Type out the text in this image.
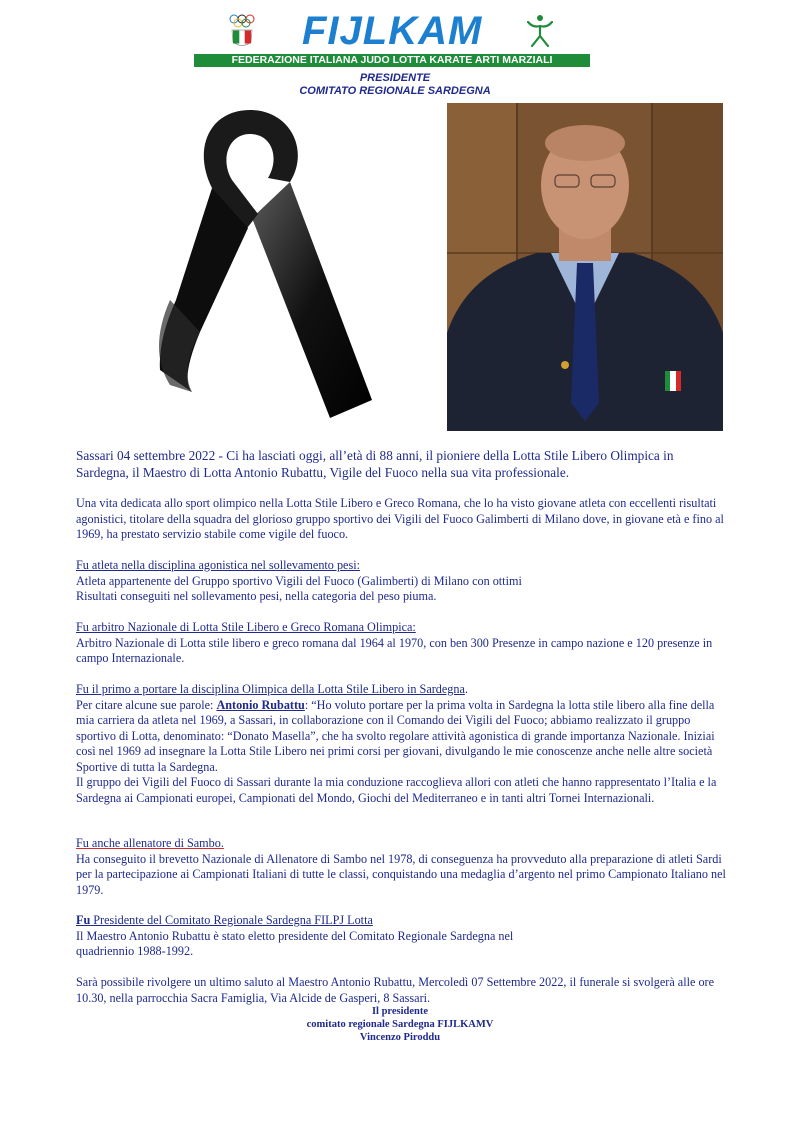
FIJLKAM
FEDERAZIONE ITALIANA JUDO LOTTA KARATE ARTI MARZIALI
PRESIDENTE
COMITATO REGIONALE SARDEGNA
Sassari 04 settembre 2022 - Ci ha lasciati oggi, all’età di 88 anni, il pioniere della Lotta Stile Libero Olimpica in Sardegna, il Maestro di Lotta Antonio Rubattu, Vigile del Fuoco nella sua vita professionale.
Una vita dedicata allo sport olimpico nella Lotta Stile Libero e Greco Romana, che lo ha visto giovane atleta con eccellenti risultati agonistici, titolare della squadra del glorioso gruppo sportivo dei Vigili del Fuoco Galimberti di Milano dove, in giovane età e fino al 1969, ha prestato servizio stabile come vigile del fuoco.

Fu atleta nella disciplina agonistica nel sollevamento pesi:

Atleta appartenente del Gruppo sportivo Vigili del Fuoco (Galimberti) di Milano con ottimi

Risultati conseguiti nel sollevamento pesi, nella categoria del peso piuma.

Fu arbitro Nazionale di Lotta Stile Libero e Greco Romana Olimpica:

Arbitro Nazionale di Lotta stile libero e greco romana dal 1964 al 1970, con ben 300 Presenze in campo nazione e 120 presenze in campo Internazionale.

Fu il primo a portare la disciplina Olimpica della Lotta Stile Libero in Sardegna.

Per citare alcune sue parole: Antonio Rubattu: “Ho voluto portare per la prima volta in Sardegna la lotta stile libero alla fine della mia carriera da atleta nel 1969, a Sassari, in collaborazione con il Comando dei Vigili del Fuoco; abbiamo realizzato il gruppo sportivo di Lotta, denominato: “Donato Masella”, che ha svolto regolare attività agonistica di grande importanza Nazionale. Iniziai così nel 1969 ad insegnare la Lotta Stile Libero nei primi corsi per giovani, divulgando le mie conoscenze anche nelle altre società Sportive di tutta la Sardegna.

Il gruppo dei Vigili del Fuoco di Sassari durante la mia conduzione raccoglieva allori con atleti che hanno rappresentato l’Italia e la Sardegna ai Campionati europei, Campionati del Mondo, Giochi del Mediterraneo e in tanti altri Tornei Internazionali.

Fu anche allenatore di Sambo.

Ha conseguito il brevetto Nazionale di Allenatore di Sambo nel 1978, di conseguenza ha provveduto alla preparazione di atleti Sardi per la partecipazione ai Campionati Italiani di tutte le classi, conquistando una medaglia d’argento nel primo Campionato Italiano nel 1979.

Fu Presidente del Comitato Regionale Sardegna FILPJ Lotta

Il Maestro Antonio Rubattu è stato eletto presidente del Comitato Regionale Sardegna nel

quadriennio 1988-1992.

Sarà possibile rivolgere un ultimo saluto al Maestro Antonio Rubattu, Mercoledì 07 Settembre 2022, il funerale si svolgerà alle ore 10.30, nella parrocchia Sacra Famiglia, Via Alcide de Gasperi, 8 Sassari.
Il presidente
comitato regionale Sardegna FIJLKAMV
Vincenzo Piroddu
